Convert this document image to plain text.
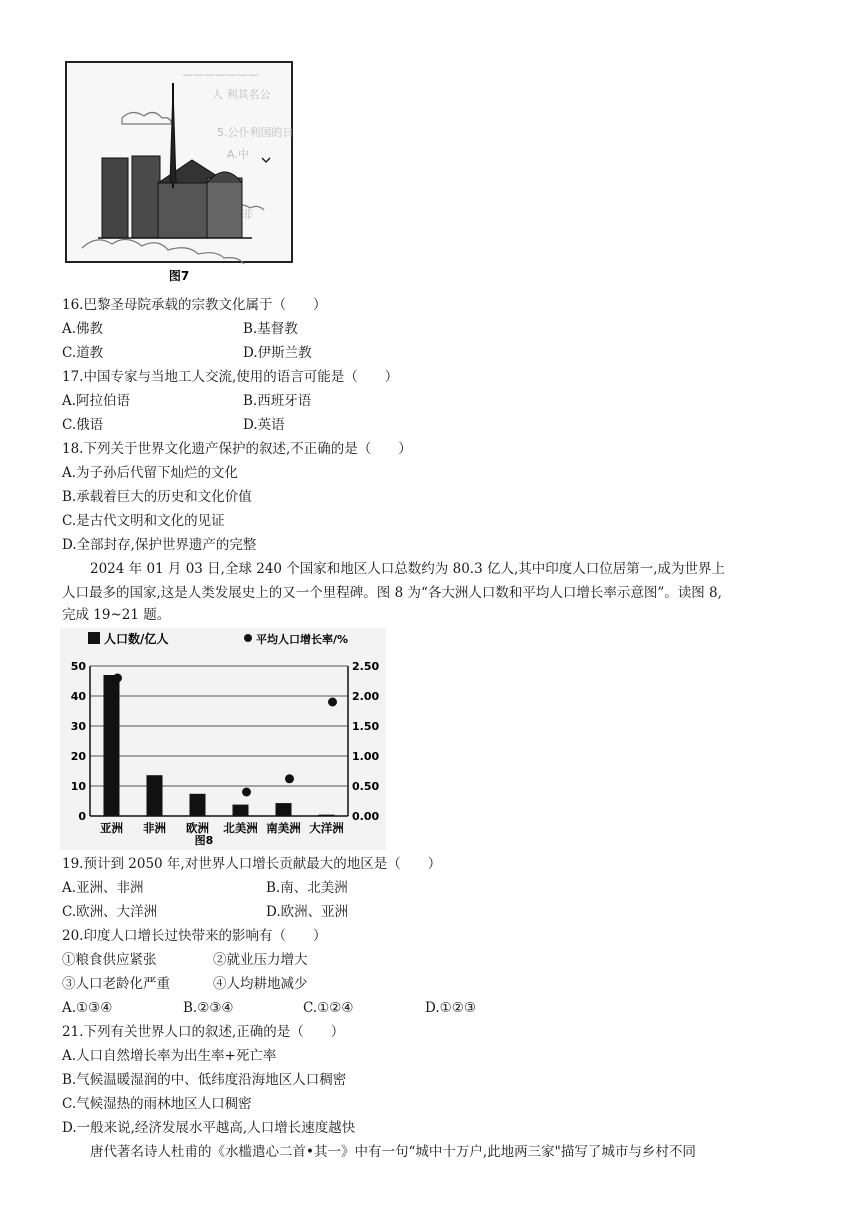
———————
人 利其名公
5.公仆利国的日
A.中
非
图7
16.巴黎圣母院承载的宗教文化属于（　　）
A.佛教	B.基督教
C.道教	D.伊斯兰教
17.中国专家与当地工人交流,使用的语言可能是（　　）
A.阿拉伯语	B.西班牙语
C.俄语	D.英语
18.下列关于世界文化遗产保护的叙述,不正确的是（　　）
A.为子孙后代留下灿烂的文化
B.承载着巨大的历史和文化价值
C.是古代文明和文化的见证
D.全部封存,保护世界遗产的完整
2024 年 01 月 03 日,全球 240 个国家和地区人口总数约为 80.3 亿人,其中印度人口位居第一,成为世界上
人口最多的国家,这是人类发展史上的又一个里程碑。图 8 为“各大洲人口数和平均人口增长率示意图”。读图 8,
完成 19~21 题。
人口数/亿人	平均人口增长率/%
0
10
20
30
40
50
0.00
0.50
1.00
1.50
2.00
2.50
亚洲 非洲 欧洲 北美洲 南美洲 大洋洲
图8
19.预计到 2050 年,对世界人口增长贡献最大的地区是（　　）
A.亚洲、非洲	B.南、北美洲
C.欧洲、大洋洲	D.欧洲、亚洲
20.印度人口增长过快带来的影响有（　　）
①粮食供应紧张	②就业压力增大
③人口老龄化严重	④人均耕地减少
A.①③④	B.②③④	C.①②④	D.①②③
21.下列有关世界人口的叙述,正确的是（　　）
A.人口自然增长率为出生率+死亡率
B.气候温暖湿润的中、低纬度沿海地区人口稠密
C.气候湿热的雨林地区人口稠密
D.一般来说,经济发展水平越高,人口增长速度越快
唐代著名诗人杜甫的《水槛遣心二首•其一》中有一句“城中十万户,此地两三家"描写了城市与乡村不同
